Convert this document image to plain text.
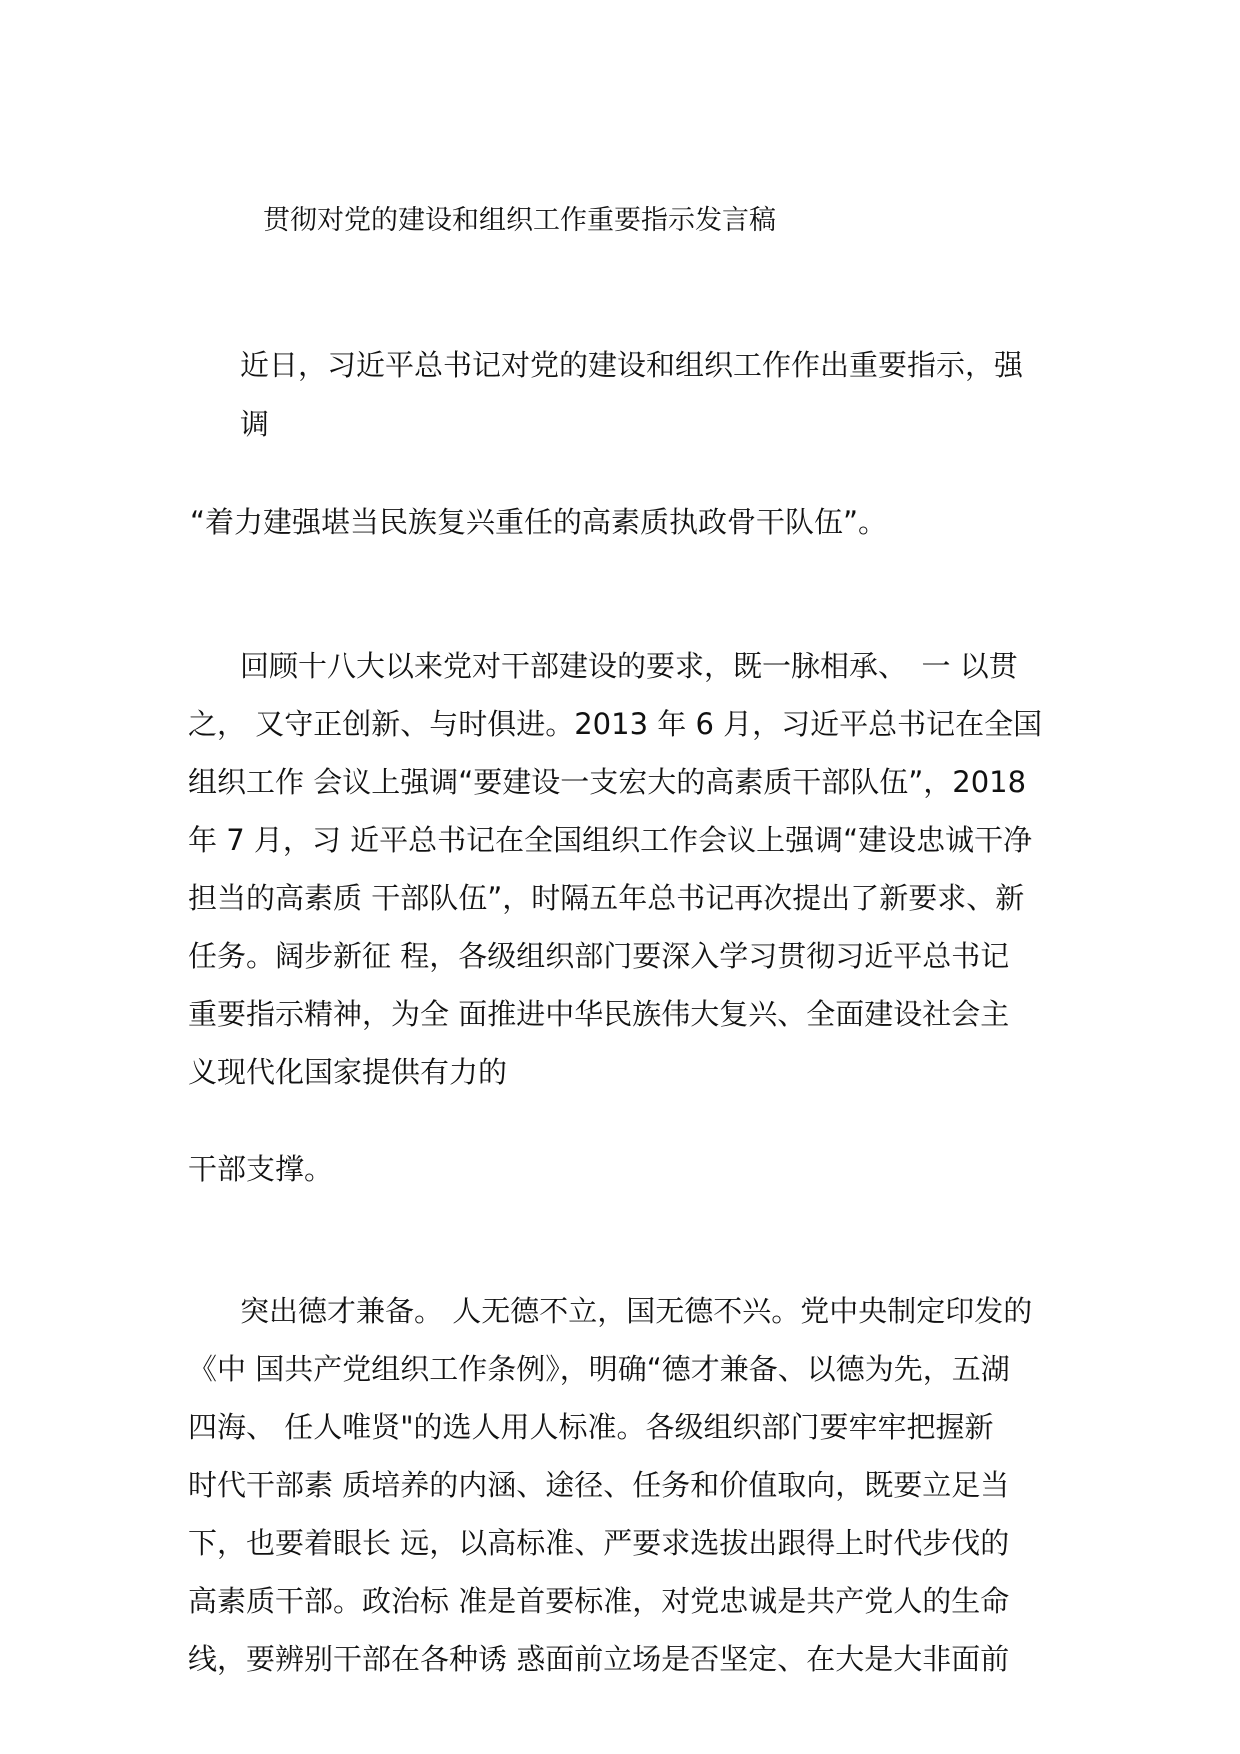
贯彻对党的建设和组织工作重要指示发言稿
近日，习近平总书记对党的建设和组织工作作出重要指示，强
调
“着力建强堪当民族复兴重任的高素质执政骨干队伍”。
回顾十八大以来党对干部建设的要求，既一脉相承、　一 以贯
之， 又守正创新、与时俱进。2013 年 6 月，习近平总书记在全国
组织工作 会议上强调“要建设一支宏大的高素质干部队伍”，2018
年 7 月，习 近平总书记在全国组织工作会议上强调“建设忠诚干净
担当的高素质 干部队伍”，时隔五年总书记再次提出了新要求、新
任务。阔步新征 程，各级组织部门要深入学习贯彻习近平总书记
重要指示精神，为全 面推进中华民族伟大复兴、全面建设社会主
义现代化国家提供有力的
干部支撑。
突出德才兼备。 人无德不立，国无德不兴。党中央制定印发的
《中 国共产党组织工作条例》，明确“德才兼备、以德为先，五湖
四海、 任人唯贤"的选人用人标准。各级组织部门要牢牢把握新
时代干部素 质培养的内涵、途径、任务和价值取向，既要立足当
下，也要着眼长 远，以高标准、严要求选拔出跟得上时代步伐的
高素质干部。政治标 准是首要标准，对党忠诚是共产党人的生命
线，要辨别干部在各种诱 惑面前立场是否坚定、在大是大非面前
